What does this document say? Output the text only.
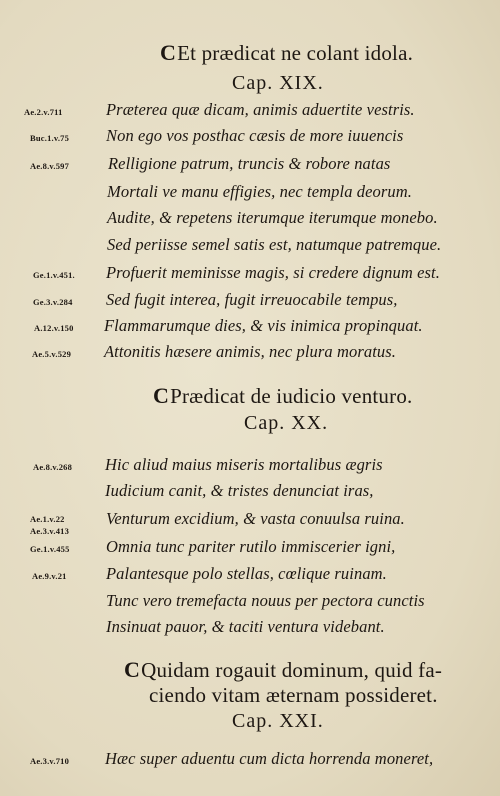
CEt prædicat ne colant idola.
Cap. XIX.
Ae.2.v.711	Præterea quæ dicam, animis aduertite vestris.
Buc.1.v.75 Non ego vos posthac cæsis de more iuuencis
Ae.8.v.597 Relligione patrum, truncis & robore natas
Mortali ve manu effigies, nec templa deorum.
Audite, & repetens iterumque iterumque monebo.
Sed periisse semel satis est, natumque patremque.
Ge.1.v.451. Profuerit meminisse magis, si credere dignum est.
Ge.3.v.284 Sed fugit interea, fugit irreuocabile tempus,
A.12.v.150 Flammarumque dies, & vis inimica propinquat.
Ae.5.v.529 Attonitis hæsere animis, nec plura moratus.
CPrædicat de iudicio venturo.
Cap. XX.
Ae.8.v.268 Hic aliud maius miseris mortalibus ægris
Iudicium canit, & tristes denunciat iras,
Ae.1.v.22	Venturum excidium, & vasta conuulsa ruina.
Ae.3.v.413
Ge.1.v.455 Omnia tunc pariter rutilo immiscerier igni,
Ae.9.v.21 Palantesque polo stellas, cœlique ruinam.
Tunc vero tremefacta nouus per pectora cunctis
Insinuat pauor, & taciti ventura videbant.
CQuidam rogauit dominum, quid fa-
ciendo vitam æternam possideret.
Cap. XXI.
Ae.3.v.710 Hæc super aduentu cum dicta horrenda moneret,
